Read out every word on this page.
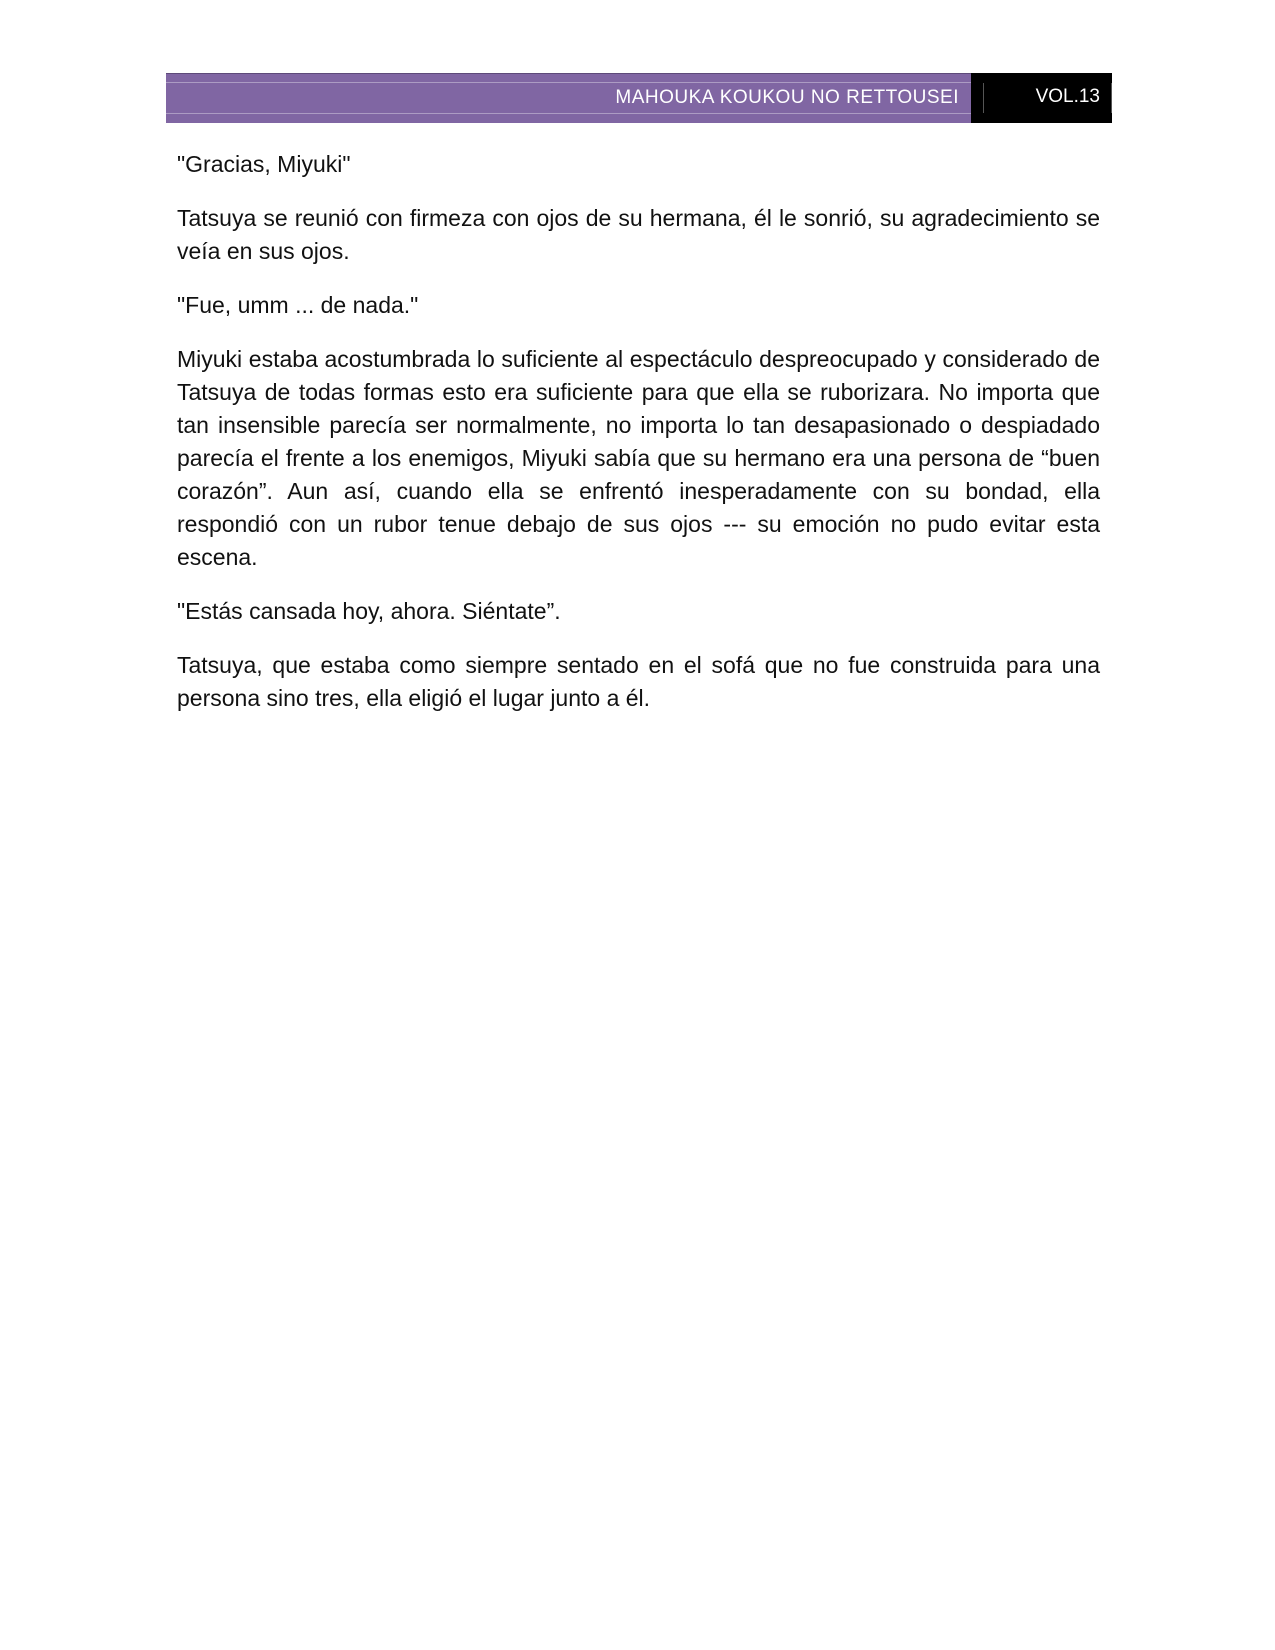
MAHOUKA KOUKOU NO RETTOUSEI	VOL.13

"Gracias, Miyuki"

Tatsuya se reunió con firmeza con ojos de su hermana, él le sonrió, su agradecimiento se veía en sus ojos.

"Fue, umm ... de nada."

Miyuki estaba acostumbrada lo suficiente al espectáculo despreocupado y considerado de Tatsuya de todas formas esto era suficiente para que ella se ruborizara. No importa que tan insensible parecía ser normalmente, no importa lo tan desapasionado o despiadado parecía el frente a los enemigos, Miyuki sabía que su hermano era una persona de “buen corazón”. Aun así, cuando ella se enfrentó inesperadamente con su bondad, ella respondió con un rubor tenue debajo de sus ojos --- su emoción no pudo evitar esta escena.

"Estás cansada hoy, ahora. Siéntate”.

Tatsuya, que estaba como siempre sentado en el sofá que no fue construida para una persona sino tres, ella eligió el lugar junto a él.
